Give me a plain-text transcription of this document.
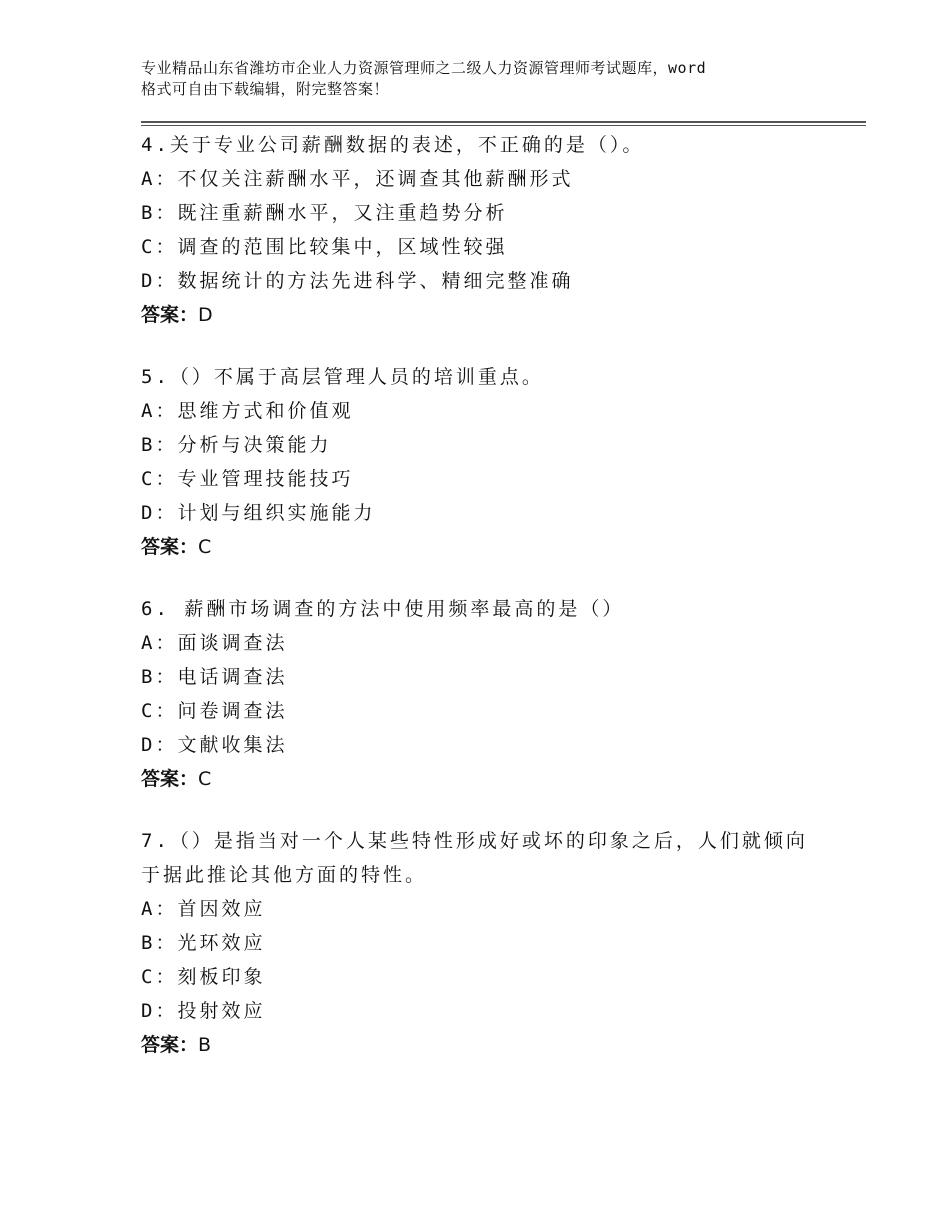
专业精品山东省潍坊市企业人力资源管理师之二级人力资源管理师考试题库，word
格式可自由下载编辑，附完整答案！
4.关于专业公司薪酬数据的表述，不正确的是（）。
A：不仅关注薪酬水平，还调查其他薪酬形式
B：既注重薪酬水平，又注重趋势分析
C：调查的范围比较集中，区域性较强
D：数据统计的方法先进科学、精细完整准确
答案：D
5.（）不属于高层管理人员的培训重点。
A：思维方式和价值观
B：分析与决策能力
C：专业管理技能技巧
D：计划与组织实施能力
答案：C
6. 薪酬市场调查的方法中使用频率最高的是（）
A：面谈调查法
B：电话调查法
C：问卷调查法
D：文献收集法
答案：C
7.（）是指当对一个人某些特性形成好或坏的印象之后，人们就倾向于据此推论其他方面的特性。
A：首因效应
B：光环效应
C：刻板印象
D：投射效应
答案：B
